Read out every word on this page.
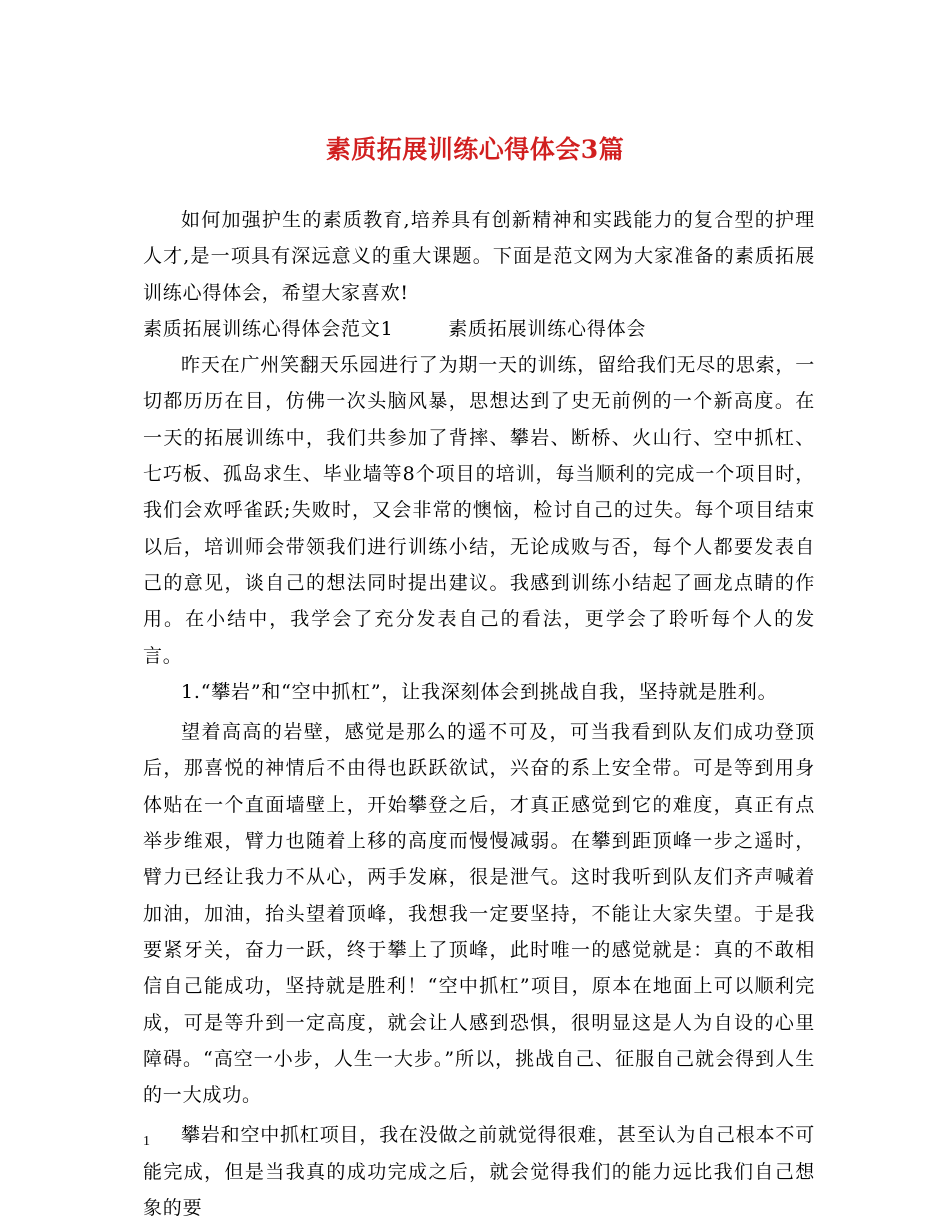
素质拓展训练心得体会3篇

如何加强护生的素质教育,培养具有创新精神和实践能力的复合型的护理人才,是一项具有深远意义的重大课题。下面是范文网为大家准备的素质拓展训练心得体会，希望大家喜欢!

素质拓展训练心得体会范文1	素质拓展训练心得体会

昨天在广州笑翻天乐园进行了为期一天的训练，留给我们无尽的思索，一切都历历在目，仿佛一次头脑风暴，思想达到了史无前例的一个新高度。在一天的拓展训练中，我们共参加了背摔、攀岩、断桥、火山行、空中抓杠、七巧板、孤岛求生、毕业墙等8个项目的培训，每当顺利的完成一个项目时，我们会欢呼雀跃;失败时，又会非常的懊恼，检讨自己的过失。每个项目结束以后，培训师会带领我们进行训练小结，无论成败与否，每个人都要发表自己的意见，谈自己的想法同时提出建议。我感到训练小结起了画龙点睛的作用。在小结中，我学会了充分发表自己的看法，更学会了聆听每个人的发言。

1.“攀岩”和“空中抓杠”，让我深刻体会到挑战自我，坚持就是胜利。

望着高高的岩壁，感觉是那么的遥不可及，可当我看到队友们成功登顶后，那喜悦的神情后不由得也跃跃欲试，兴奋的系上安全带。可是等到用身体贴在一个直面墙壁上，开始攀登之后，才真正感觉到它的难度，真正有点举步维艰，臂力也随着上移的高度而慢慢减弱。在攀到距顶峰一步之遥时，臂力已经让我力不从心，两手发麻，很是泄气。这时我听到队友们齐声喊着加油，加油，抬头望着顶峰，我想我一定要坚持，不能让大家失望。于是我要紧牙关，奋力一跃，终于攀上了顶峰，此时唯一的感觉就是：真的不敢相信自己能成功，坚持就是胜利！“空中抓杠”项目，原本在地面上可以顺利完成，可是等升到一定高度，就会让人感到恐惧，很明显这是人为自设的心里障碍。“高空一小步，人生一大步。”所以，挑战自己、征服自己就会得到人生的一大成功。

攀岩和空中抓杠项目，我在没做之前就觉得很难，甚至认为自己根本不可能完成，但是当我真的成功完成之后，就会觉得我们的能力远比我们自己想象的要

1
